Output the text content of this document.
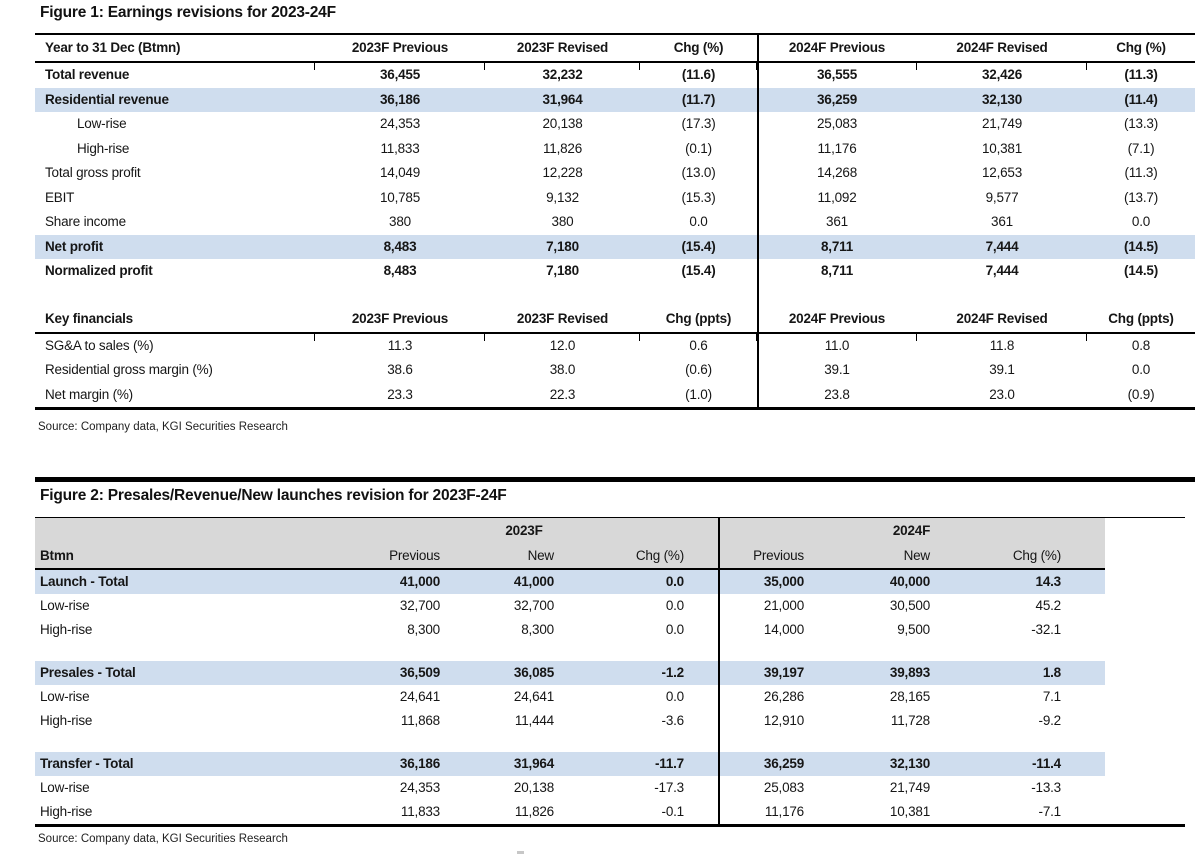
Figure 1: Earnings revisions for 2023-24F
Year to 31 Dec (Btmn)	2023F Previous	2023F Revised	Chg (%)	2024F Previous	2024F Revised	Chg (%)
Total revenue	36,455	32,232	(11.6)	36,555	32,426	(11.3)
Residential revenue	36,186	31,964	(11.7)	36,259	32,130	(11.4)
Low-rise	24,353	20,138	(17.3)	25,083	21,749	(13.3)
High-rise	11,833	11,826	(0.1)	11,176	10,381	(7.1)
Total gross profit	14,049	12,228	(13.0)	14,268	12,653	(11.3)
EBIT	10,785	9,132	(15.3)	11,092	9,577	(13.7)
Share income	380	380	0.0	361	361	0.0
Net profit	8,483	7,180	(15.4)	8,711	7,444	(14.5)
Normalized profit	8,483	7,180	(15.4)	8,711	7,444	(14.5)
Key financials	2023F Previous	2023F Revised	Chg (ppts)	2024F Previous	2024F Revised	Chg (ppts)
SG&A to sales (%)	11.3	12.0	0.6	11.0	11.8	0.8
Residential gross margin (%)	38.6	38.0	(0.6)	39.1	39.1	0.0
Net margin (%)	23.3	22.3	(1.0)	23.8	23.0	(0.9)
Source: Company data, KGI Securities Research
Figure 2: Presales/Revenue/New launches revision for 2023F-24F
2023F	2024F
Btmn	Previous	New	Chg (%)	Previous	New	Chg (%)
Launch - Total	41,000	41,000	0.0	35,000	40,000	14.3
Low-rise	32,700	32,700	0.0	21,000	30,500	45.2
High-rise	8,300	8,300	0.0	14,000	9,500	-32.1
Presales - Total	36,509	36,085	-1.2	39,197	39,893	1.8
Low-rise	24,641	24,641	0.0	26,286	28,165	7.1
High-rise	11,868	11,444	-3.6	12,910	11,728	-9.2
Transfer - Total	36,186	31,964	-11.7	36,259	32,130	-11.4
Low-rise	24,353	20,138	-17.3	25,083	21,749	-13.3
High-rise	11,833	11,826	-0.1	11,176	10,381	-7.1
Source: Company data, KGI Securities Research
